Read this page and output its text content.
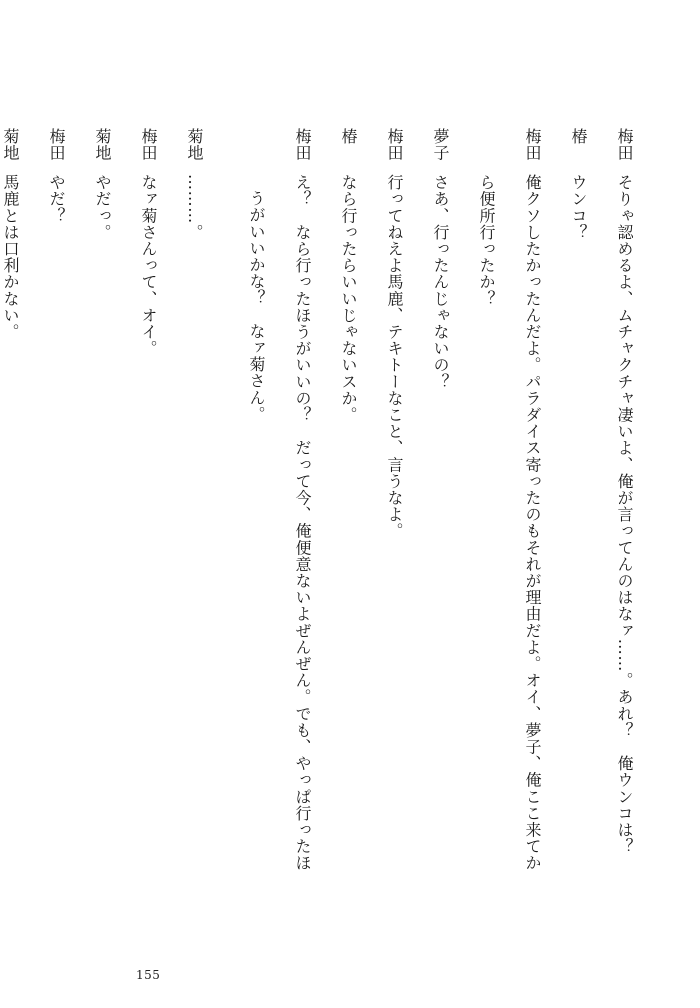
梅田
そりゃ認めるよ、ムチャクチャ凄いよ、俺が言ってんのはなァ……。あれ？　俺ウンコは？
椿
ウンコ？
梅田
俺クソしたかったんだよ。パラダイス寄ったのもそれが理由だよ。オイ、夢子、俺ここ来てか
ら便所行ったか？
夢子
さあ、行ったんじゃないの？
梅田
行ってねえよ馬鹿、テキトーなこと、言うなよ。
椿
なら行ったらいいじゃないスか。
梅田
え？　なら行ったほうがいいの？　だって今、俺便意ないよぜんぜん。でも、やっぱ行ったほ
うがいいかな？　なァ菊さん。
菊地
………。
梅田
なァ菊さんって、オイ。
菊地
やだっ。
梅田
やだ？
菊地
馬鹿とは口利かない。
155
